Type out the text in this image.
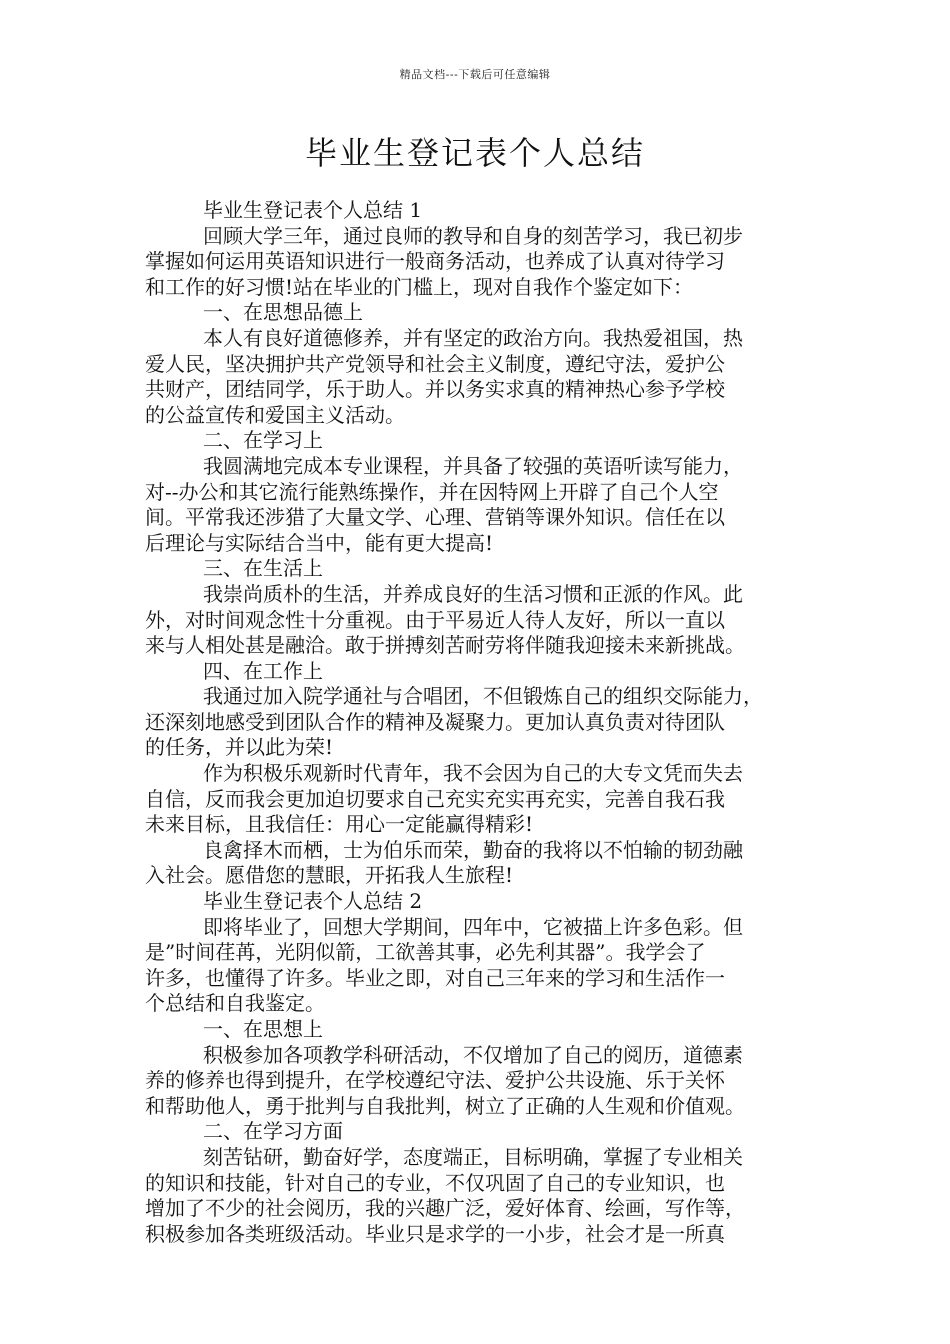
精品文档---下载后可任意编辑
毕业生登记表个人总结

毕业生登记表个人总结 1

回顾大学三年，通过良师的教导和自身的刻苦学习，我已初步

掌握如何运用英语知识进行一般商务活动，也养成了认真对待学习

和工作的好习惯!站在毕业的门槛上，现对自我作个鉴定如下：

一、在思想品德上

本人有良好道德修养，并有坚定的政治方向。我热爱祖国，热

爱人民，坚决拥护共产党领导和社会主义制度，遵纪守法，爱护公

共财产，团结同学，乐于助人。并以务实求真的精神热心参予学校

的公益宣传和爱国主义活动。

二、在学习上

我圆满地完成本专业课程，并具备了较强的英语听读写能力，

对--办公和其它流行能熟练操作，并在因特网上开辟了自己个人空

间。平常我还涉猎了大量文学、心理、营销等课外知识。信任在以

后理论与实际结合当中，能有更大提高!

三、在生活上

我崇尚质朴的生活，并养成良好的生活习惯和正派的作风。此

外，对时间观念性十分重视。由于平易近人待人友好，所以一直以

来与人相处甚是融洽。敢于拼搏刻苦耐劳将伴随我迎接未来新挑战。

四、在工作上

我通过加入院学通社与合唱团，不但锻炼自己的组织交际能力，

还深刻地感受到团队合作的精神及凝聚力。更加认真负责对待团队

的任务，并以此为荣!

作为积极乐观新时代青年，我不会因为自己的大专文凭而失去

自信，反而我会更加迫切要求自己充实充实再充实，完善自我石我

未来目标，且我信任：用心一定能赢得精彩!

良禽择木而栖，士为伯乐而荣，勤奋的我将以不怕输的韧劲融

入社会。愿借您的慧眼，开拓我人生旅程!

毕业生登记表个人总结 2

即将毕业了，回想大学期间，四年中，它被描上许多色彩。但

是”时间荏苒，光阴似箭，工欲善其事，必先利其器”。我学会了

许多，也懂得了许多。毕业之即，对自己三年来的学习和生活作一

个总结和自我鉴定。

一、在思想上

积极参加各项教学科研活动，不仅增加了自己的阅历，道德素

养的修养也得到提升，在学校遵纪守法、爱护公共设施、乐于关怀

和帮助他人，勇于批判与自我批判，树立了正确的人生观和价值观。

二、在学习方面

刻苦钻研，勤奋好学，态度端正，目标明确，掌握了专业相关

的知识和技能，针对自己的专业，不仅巩固了自己的专业知识，也

增加了不少的社会阅历，我的兴趣广泛，爱好体育、绘画，写作等，

积极参加各类班级活动。毕业只是求学的一小步，社会才是一所真
